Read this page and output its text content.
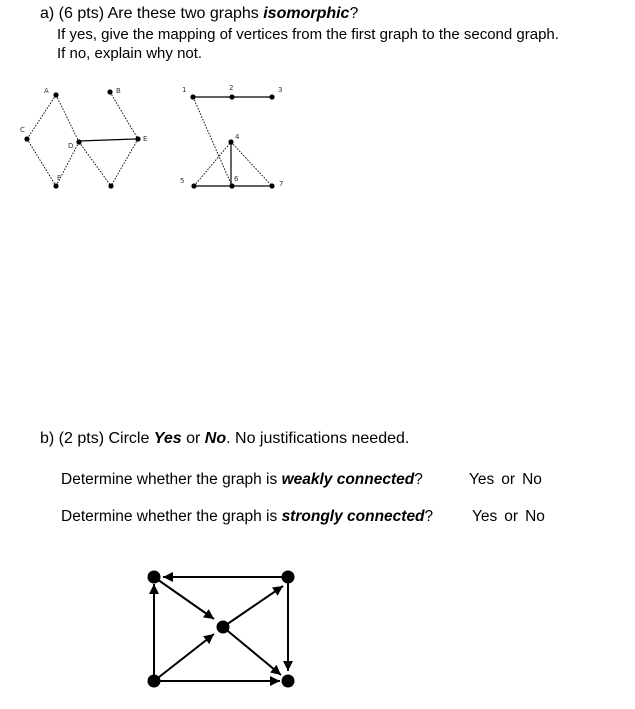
a) (6 pts) Are these two graphs isomorphic?
If yes, give the mapping of vertices from the first graph to the second graph.
If no, explain why not.
A	B
C
D
E
F
1	2	3
4
5	6
7
b) (2 pts) Circle Yes or No. No justifications needed.
Determine whether the graph is weakly connected?	Yes or No
Determine whether the graph is strongly connected?	Yes or No
